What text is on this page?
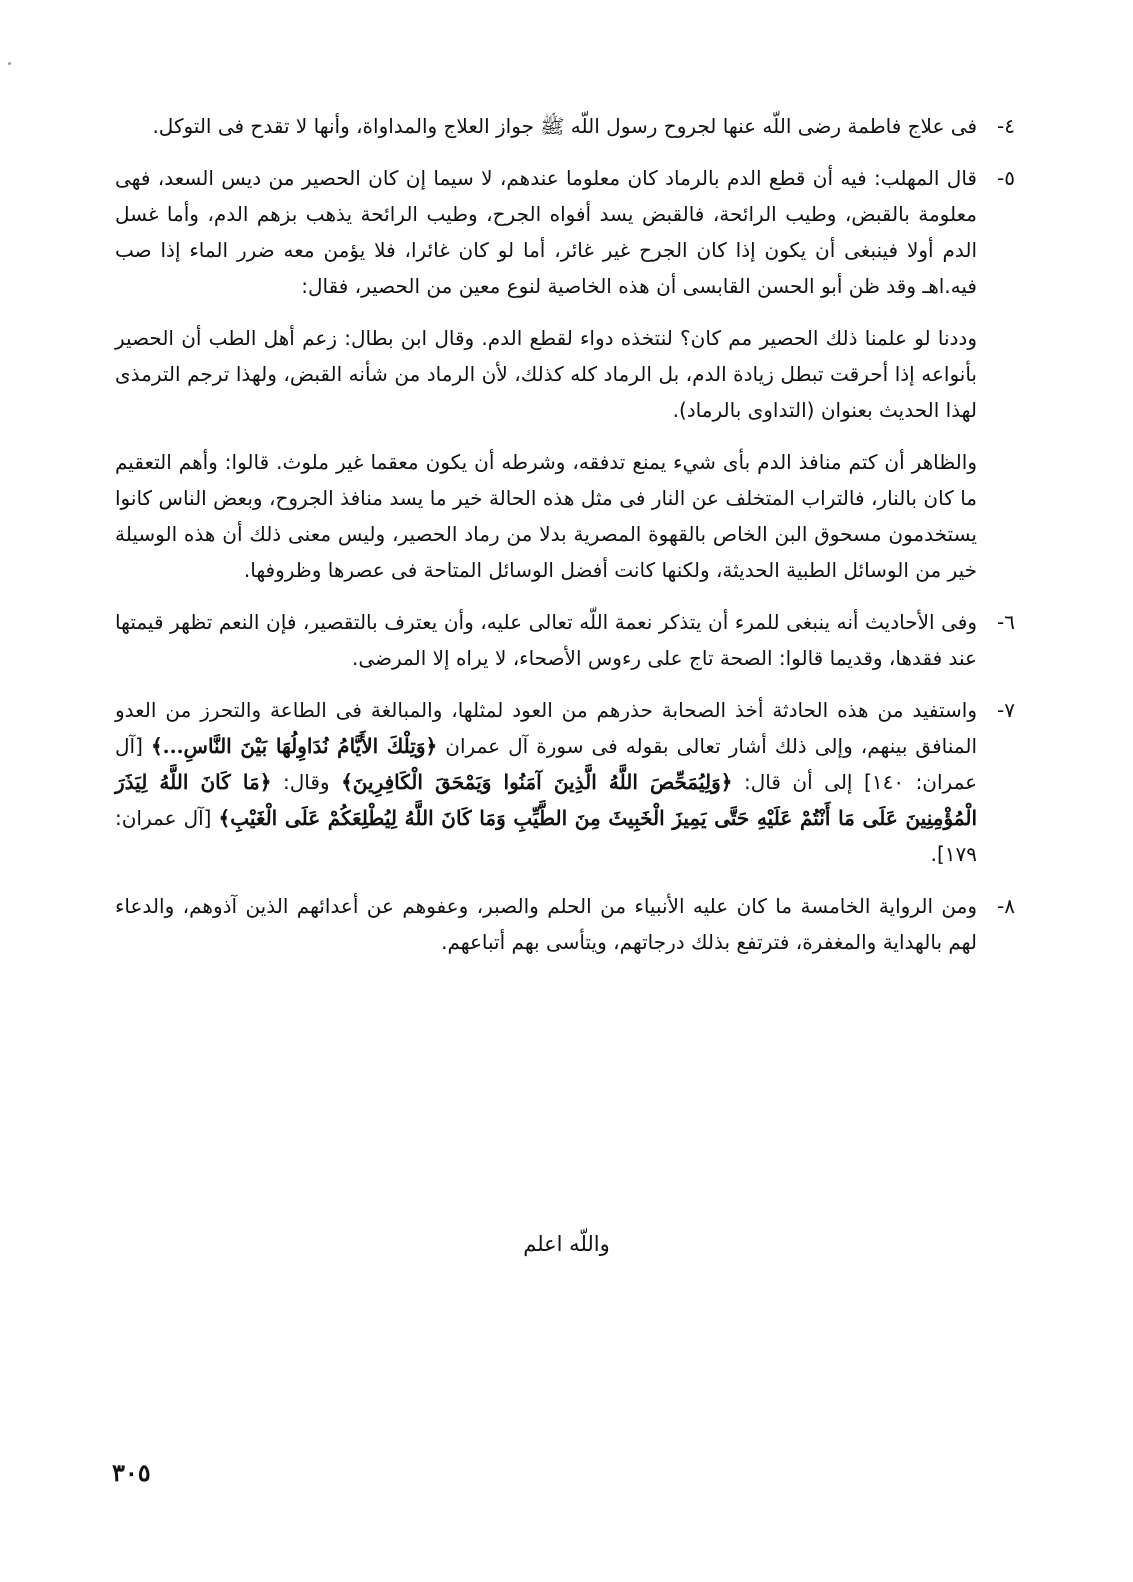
٤-
فى علاج فاطمة رضى اللّه عنها لجروح رسول اللّه ﷺ جواز العلاج والمداواة، وأنها لا تقدح فى التوكل.
٥-
قال المهلب: فيه أن قطع الدم بالرماد كان معلوما عندهم، لا سيما إن كان الحصير من ديس السعد، فهى معلومة بالقبض، وطيب الرائحة، فالقبض يسد أفواه الجرح، وطيب الرائحة يذهب بزهم الدم، وأما غسل الدم أولا فينبغى أن يكون إذا كان الجرح غير غائر، أما لو كان غائرا، فلا يؤمن معه ضرر الماء إذا صب فيه.اهـ وقد ظن أبو الحسن القابسى أن هذه الخاصية لنوع معين من الحصير، فقال:
وددنا لو علمنا ذلك الحصير مم كان؟ لنتخذه دواء لقطع الدم. وقال ابن بطال: زعم أهل الطب أن الحصير بأنواعه إذا أحرقت تبطل زيادة الدم، بل الرماد كله كذلك، لأن الرماد من شأنه القبض، ولهذا ترجم الترمذى لهذا الحديث بعنوان (التداوى بالرماد).
والظاهر أن كتم منافذ الدم بأى شيء يمنع تدفقه، وشرطه أن يكون معقما غير ملوث. قالوا: وأهم التعقيم ما كان بالنار، فالتراب المتخلف عن النار فى مثل هذه الحالة خير ما يسد منافذ الجروح، وبعض الناس كانوا يستخدمون مسحوق البن الخاص بالقهوة المصرية بدلا من رماد الحصير، وليس معنى ذلك أن هذه الوسيلة خير من الوسائل الطبية الحديثة، ولكنها كانت أفضل الوسائل المتاحة فى عصرها وظروفها.
٦-
وفى الأحاديث أنه ينبغى للمرء أن يتذكر نعمة اللّه تعالى عليه، وأن يعترف بالتقصير، فإن النعم تظهر قيمتها عند فقدها، وقديما قالوا: الصحة تاج على رءوس الأصحاء، لا يراه إلا المرضى.
٧-
واستفيد من هذه الحادثة أخذ الصحابة حذرهم من العود لمثلها، والمبالغة فى الطاعة والتحرز من العدو المنافق بينهم، وإلى ذلك أشار تعالى بقوله فى سورة آل عمران ﴿وَتِلْكَ الأَيَّامُ نُدَاوِلُهَا بَيْنَ النَّاسِ...﴾ [آل عمران: ١٤٠] إلى أن قال: ﴿وَلِيُمَحِّصَ اللَّهُ الَّذِينَ آمَنُوا وَيَمْحَقَ الْكَافِرِينَ﴾ وقال: ﴿مَا كَانَ اللَّهُ لِيَذَرَ الْمُؤْمِنِينَ عَلَى مَا أَنْتُمْ عَلَيْهِ حَتَّى يَمِيزَ الْخَبِيثَ مِنَ الطَّيِّبِ وَمَا كَانَ اللَّهُ لِيُطْلِعَكُمْ عَلَى الْغَيْبِ﴾ [آل عمران: ١٧٩].
٨-
ومن الرواية الخامسة ما كان عليه الأنبياء من الحلم والصبر، وعفوهم عن أعدائهم الذين آذوهم، والدعاء لهم بالهداية والمغفرة، فترتفع بذلك درجاتهم، ويتأسى بهم أتباعهم.
واللّه اعلم
٣٠٥
